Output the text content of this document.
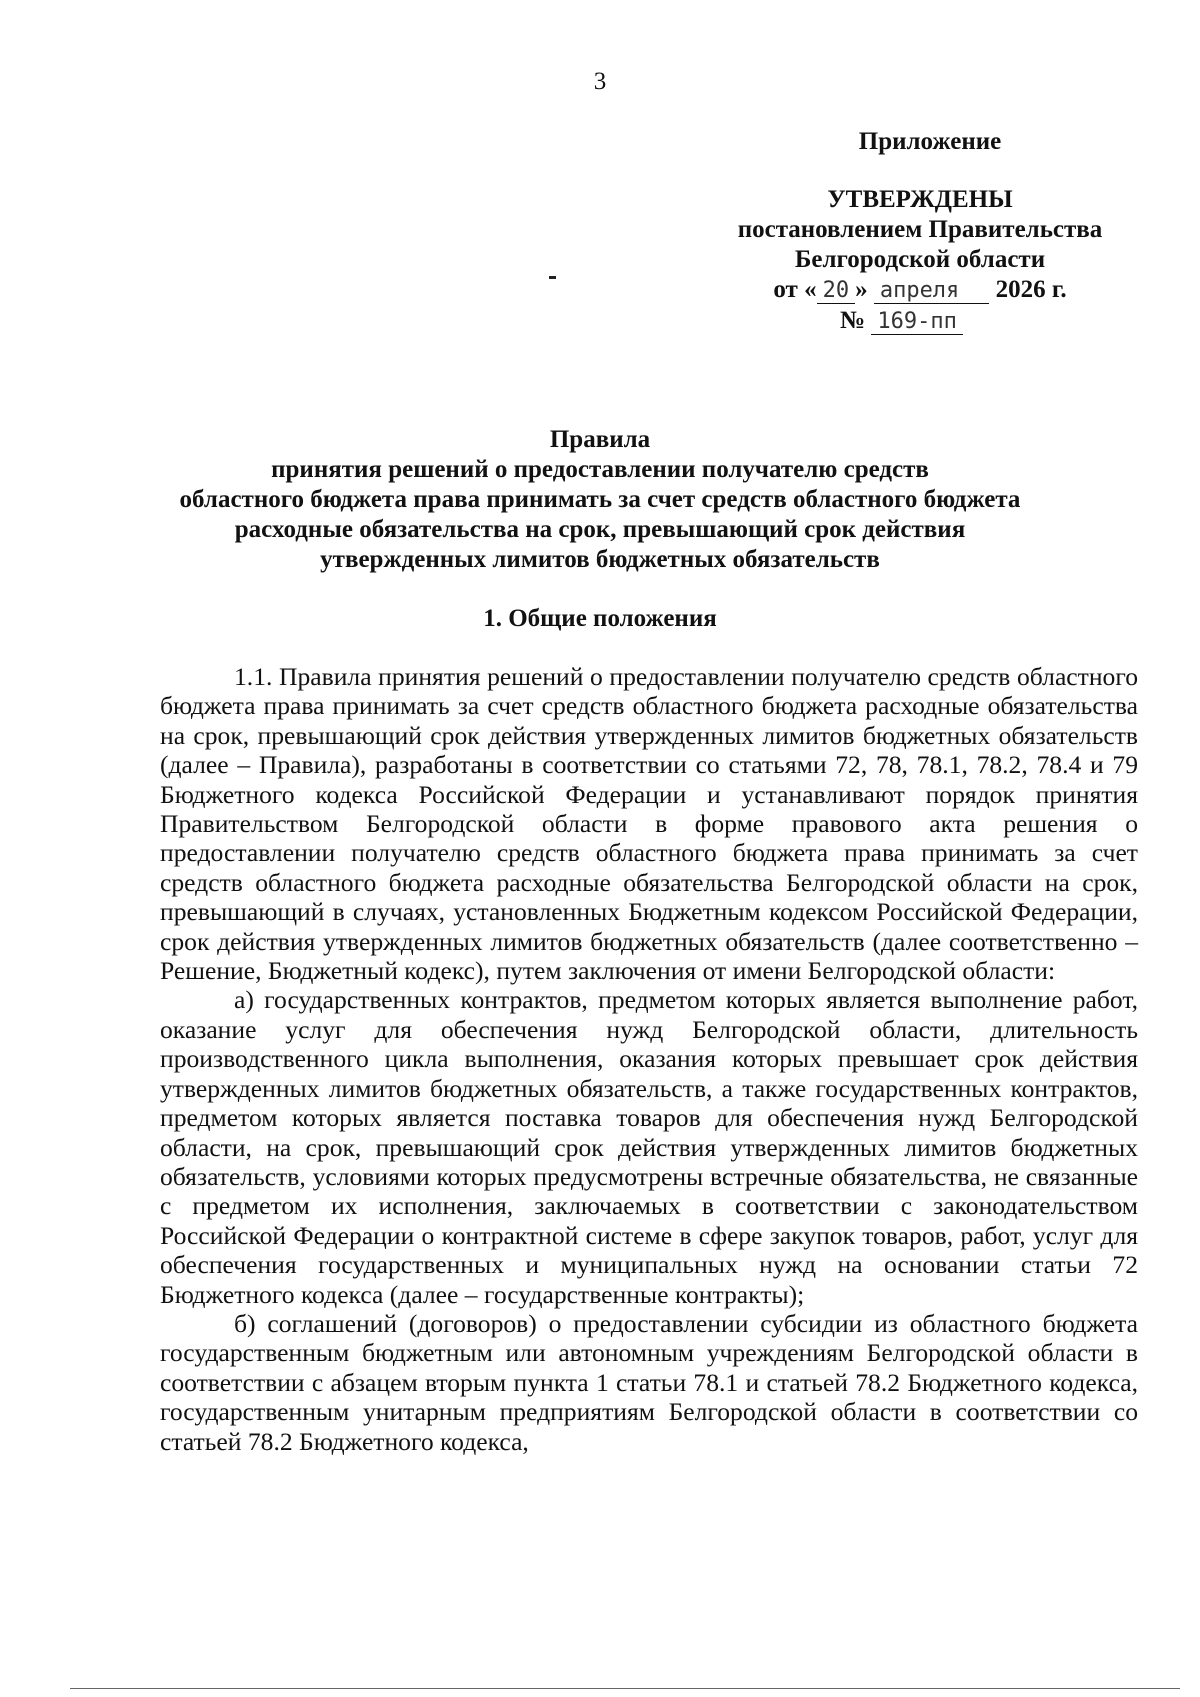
3
Приложение
УТВЕРЖДЕНЫ
постановлением Правительства
Белгородской области
от « 20 » апреля 2026 г.
№ 169-пп
Правила
принятия решений о предоставлении получателю средств
областного бюджета права принимать за счет средств областного бюджета
расходные обязательства на срок, превышающий срок действия
утвержденных лимитов бюджетных обязательств
1. Общие положения

1.1. Правила принятия решений о предоставлении получателю средств областного бюджета права принимать за счет средств областного бюджета расходные обязательства на срок, превышающий срок действия утвержденных лимитов бюджетных обязательств (далее – Правила), разработаны в соответствии со статьями 72, 78, 78.1, 78.2, 78.4 и 79 Бюджетного кодекса Российской Федерации и устанавливают порядок принятия Правительством Белгородской области в форме правового акта решения о предоставлении получателю средств областного бюджета права принимать за счет средств областного бюджета расходные обязательства Белгородской области на срок, превышающий в случаях, установленных Бюджетным кодексом Российской Федерации, срок действия утвержденных лимитов бюджетных обязательств (далее соответственно – Решение, Бюджетный кодекс), путем заключения от имени Белгородской области:

а) государственных контрактов, предметом которых является выполнение работ, оказание услуг для обеспечения нужд Белгородской области, длительность производственного цикла выполнения, оказания которых превышает срок действия утвержденных лимитов бюджетных обязательств, а также государственных контрактов, предметом которых является поставка товаров для обеспечения нужд Белгородской области, на срок, превышающий срок действия утвержденных лимитов бюджетных обязательств, условиями которых предусмотрены встречные обязательства, не связанные с предметом их исполнения, заключаемых в соответствии с законодательством Российской Федерации о контрактной системе в сфере закупок товаров, работ, услуг для обеспечения государственных и муниципальных нужд на основании статьи 72 Бюджетного кодекса (далее – государственные контракты);

б) соглашений (договоров) о предоставлении субсидии из областного бюджета государственным бюджетным или автономным учреждениям Белгородской области в соответствии с абзацем вторым пункта 1 статьи 78.1 и статьей 78.2 Бюджетного кодекса, государственным унитарным предприятиям Белгородской области в соответствии со статьей 78.2 Бюджетного кодекса,
